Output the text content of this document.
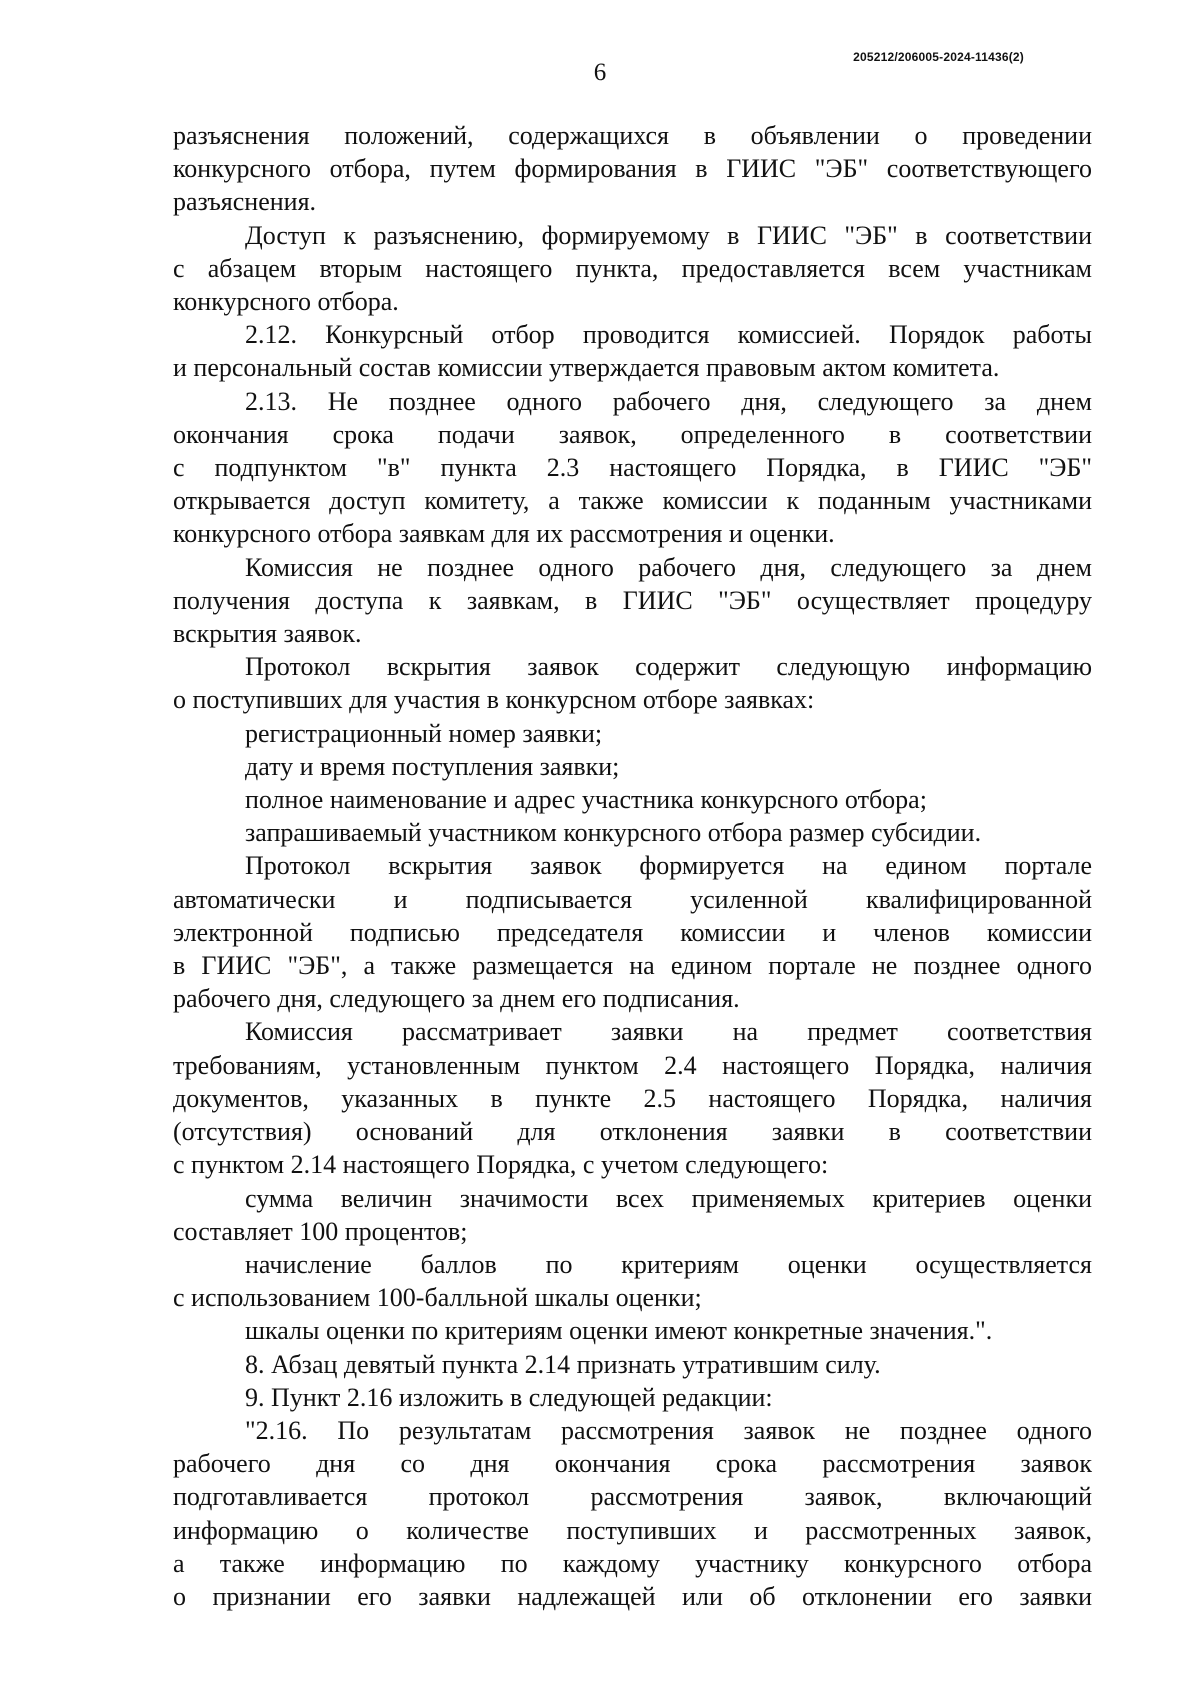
6
205212/206005-2024-11436(2)

разъяснения положений, содержащихся в объявлении о проведении

конкурсного отбора, путем формирования в ГИИС "ЭБ" соответствующего

разъяснения.

Доступ к разъяснению, формируемому в ГИИС "ЭБ" в соответствии

с абзацем вторым настоящего пункта, предоставляется всем участникам

конкурсного отбора.

2.12. Конкурсный отбор проводится комиссией. Порядок работы

и персональный состав комиссии утверждается правовым актом комитета.

2.13. Не позднее одного рабочего дня, следующего за днем

окончания срока подачи заявок, определенного в соответствии

с подпунктом "в" пункта 2.3 настоящего Порядка, в ГИИС "ЭБ"

открывается доступ комитету, а также комиссии к поданным участниками

конкурсного отбора заявкам для их рассмотрения и оценки.

Комиссия не позднее одного рабочего дня, следующего за днем

получения доступа к заявкам, в ГИИС "ЭБ" осуществляет процедуру

вскрытия заявок.

Протокол вскрытия заявок содержит следующую информацию

о поступивших для участия в конкурсном отборе заявках:

регистрационный номер заявки;

дату и время поступления заявки;

полное наименование и адрес участника конкурсного отбора;

запрашиваемый участником конкурсного отбора размер субсидии.

Протокол вскрытия заявок формируется на едином портале

автоматически и подписывается усиленной квалифицированной

электронной подписью председателя комиссии и членов комиссии

в ГИИС "ЭБ", а также размещается на едином портале не позднее одного

рабочего дня, следующего за днем его подписания.

Комиссия рассматривает заявки на предмет соответствия

требованиям, установленным пунктом 2.4 настоящего Порядка, наличия

документов, указанных в пункте 2.5 настоящего Порядка, наличия

(отсутствия) оснований для отклонения заявки в соответствии

с пунктом 2.14 настоящего Порядка, с учетом следующего:

сумма величин значимости всех применяемых критериев оценки

составляет 100 процентов;

начисление баллов по критериям оценки осуществляется

с использованием 100-балльной шкалы оценки;

шкалы оценки по критериям оценки имеют конкретные значения.".

8. Абзац девятый пункта 2.14 признать утратившим силу.

9. Пункт 2.16 изложить в следующей редакции:

"2.16. По результатам рассмотрения заявок не позднее одного

рабочего дня со дня окончания срока рассмотрения заявок

подготавливается протокол рассмотрения заявок, включающий

информацию о количестве поступивших и рассмотренных заявок,

а также информацию по каждому участнику конкурсного отбора

о признании его заявки надлежащей или об отклонении его заявки
